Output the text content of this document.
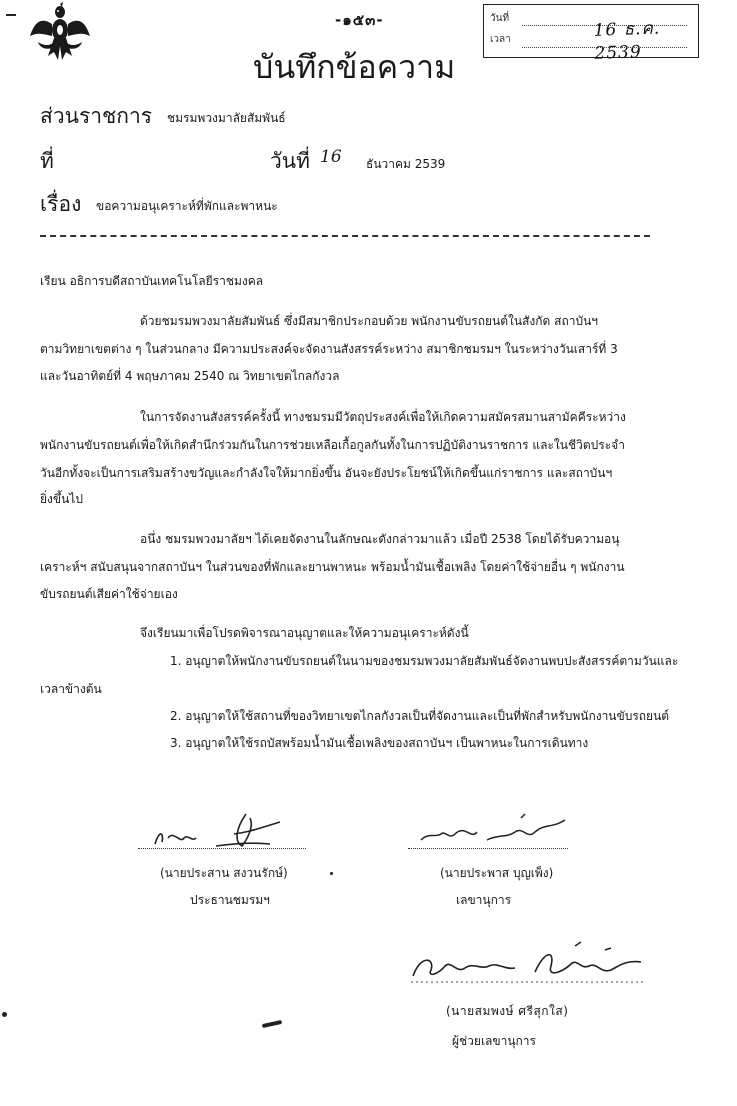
-๑๕๓-	วันที่
16 ธ.ค. 2539
เวลา
บันทึกข้อความ
ส่วนราชการ ชมรมพวงมาลัยสัมพันธ์
ที่	วันที่ 16 ธันวาคม 2539
เรื่อง ขอความอนุเคราะห์ที่พักและพาหนะ
เรียน อธิการบดีสถาบันเทคโนโลยีราชมงคล
ด้วยชมรมพวงมาลัยสัมพันธ์ ซึ่งมีสมาชิกประกอบด้วย พนักงานขับรถยนต์ในสังกัด สถาบันฯ
ตามวิทยาเขตต่าง ๆ ในส่วนกลาง มีความประสงค์จะจัดงานสังสรรค์ระหว่าง สมาชิกชมรมฯ ในระหว่างวันเสาร์ที่ 3
และวันอาทิตย์ที่ 4 พฤษภาคม 2540 ณ วิทยาเขตไกลกังวล
ในการจัดงานสังสรรค์ครั้งนี้ ทางชมรมมีวัตถุประสงค์เพื่อให้เกิดความสมัครสมานสามัคคีระหว่าง
พนักงานขับรถยนต์เพื่อให้เกิดสำนึกร่วมกันในการช่วยเหลือเกื้อกูลกันทั้งในการปฏิบัติงานราชการ และในชีวิตประจำ
วันอีกทั้งจะเป็นการเสริมสร้างขวัญและกำลังใจให้มากยิ่งขึ้น อันจะยังประโยชน์ให้เกิดขึ้นแก่ราชการ และสถาบันฯ
ยิ่งขึ้นไป
อนึ่ง ชมรมพวงมาลัยฯ ได้เคยจัดงานในลักษณะดังกล่าวมาแล้ว เมื่อปี 2538 โดยได้รับความอนุ
เคราะห์ฯ สนับสนุนจากสถาบันฯ ในส่วนของที่พักและยานพาหนะ พร้อมน้ำมันเชื้อเพลิง โดยค่าใช้จ่ายอื่น ๆ พนักงาน
ขับรถยนต์เสียค่าใช้จ่ายเอง
จึงเรียนมาเพื่อโปรดพิจารณาอนุญาตและให้ความอนุเคราะห์ดังนี้
1. อนุญาตให้พนักงานขับรถยนต์ในนามของชมรมพวงมาลัยสัมพันธ์จัดงานพบปะสังสรรค์ตามวันและ
เวลาข้างต้น
2. อนุญาตให้ใช้สถานที่ของวิทยาเขตไกลกังวลเป็นที่จัดงานและเป็นที่พักสำหรับพนักงานขับรถยนต์
3. อนุญาตให้ใช้รถบัสพร้อมน้ำมันเชื้อเพลิงของสถาบันฯ เป็นพาหนะในการเดินทาง
(นายประสาน สงวนรักษ์)
ประธานชมรมฯ
(นายประพาส บุญเพ็ง)
เลขานุการ
(นายสมพงษ์ ศรีสุกใส)
ผู้ช่วยเลขานุการ
